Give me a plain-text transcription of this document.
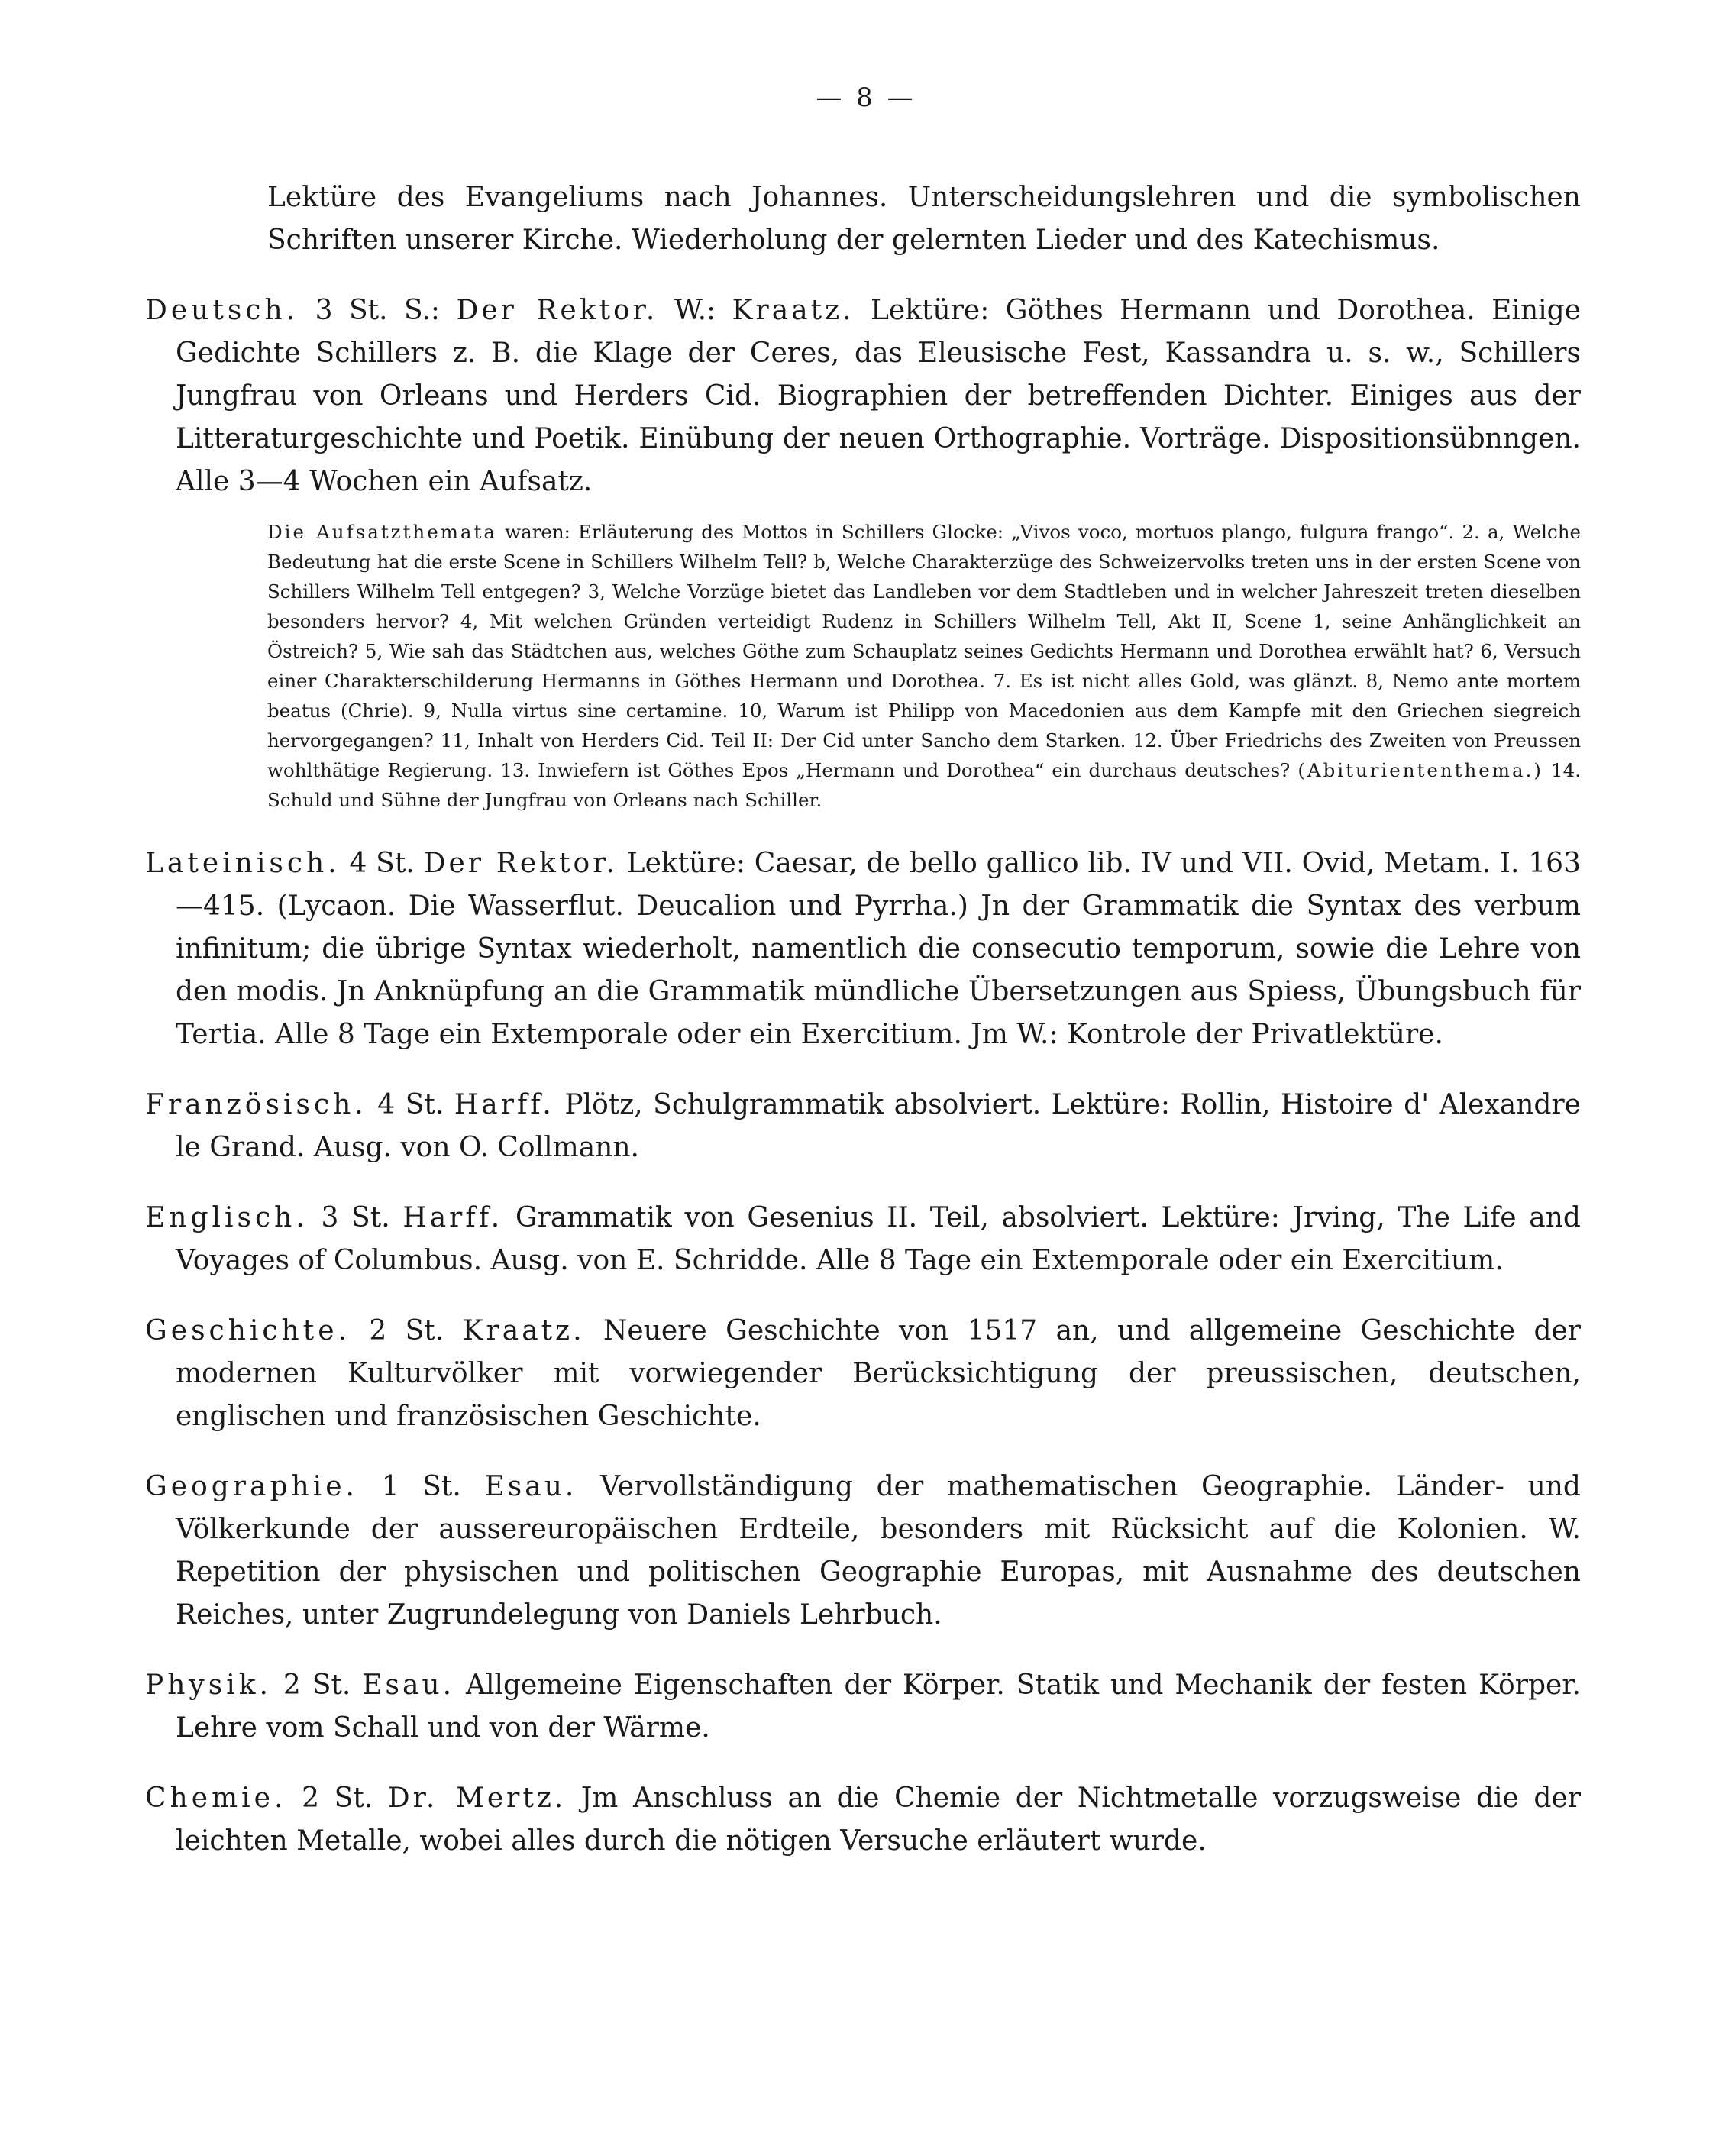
— 8 —

Lektüre des Evangeliums nach Johannes. Unterscheidungslehren und die symbolischen Schriften unserer Kirche. Wiederholung der gelernten Lieder und des Katechismus.

Deutsch. 3 St. S.: Der Rektor. W.: Kraatz. Lektüre: Göthes Hermann und Dorothea. Einige Gedichte Schillers z. B. die Klage der Ceres, das Eleusische Fest, Kassandra u. s. w., Schillers Jungfrau von Orleans und Herders Cid. Biographien der betreffenden Dichter. Einiges aus der Litteraturgeschichte und Poetik. Einübung der neuen Orthographie. Vorträge. Dispositionsübnngen. Alle 3—4 Wochen ein Aufsatz.

Die Aufsatzthemata waren: Erläuterung des Mottos in Schillers Glocke: „Vivos voco, mortuos plango, fulgura frango“. 2. a, Welche Bedeutung hat die erste Scene in Schillers Wilhelm Tell? b, Welche Charakterzüge des Schweizervolks treten uns in der ersten Scene von Schillers Wilhelm Tell entgegen? 3, Welche Vorzüge bietet das Landleben vor dem Stadtleben und in welcher Jahreszeit treten dieselben besonders hervor? 4, Mit welchen Gründen verteidigt Rudenz in Schillers Wilhelm Tell, Akt II, Scene 1, seine Anhänglichkeit an Östreich? 5, Wie sah das Städtchen aus, welches Göthe zum Schauplatz seines Gedichts Hermann und Dorothea erwählt hat? 6, Versuch einer Charakterschilderung Hermanns in Göthes Hermann und Dorothea. 7. Es ist nicht alles Gold, was glänzt. 8, Nemo ante mortem beatus (Chrie). 9, Nulla virtus sine certamine. 10, Warum ist Philipp von Macedonien aus dem Kampfe mit den Griechen siegreich hervorgegangen? 11, Inhalt von Herders Cid. Teil II: Der Cid unter Sancho dem Starken. 12. Über Friedrichs des Zweiten von Preussen wohlthätige Regierung. 13. Inwiefern ist Göthes Epos „Hermann und Dorothea“ ein durchaus deutsches? (Abituriententhema.) 14. Schuld und Sühne der Jungfrau von Orleans nach Schiller.

Lateinisch. 4 St. Der Rektor. Lektüre: Caesar, de bello gallico lib. IV und VII. Ovid, Metam. I. 163—415. (Lycaon. Die Wasserflut. Deucalion und Pyrrha.) Jn der Grammatik die Syntax des verbum infinitum; die übrige Syntax wiederholt, namentlich die consecutio temporum, sowie die Lehre von den modis. Jn Anknüpfung an die Grammatik mündliche Übersetzungen aus Spiess, Übungsbuch für Tertia. Alle 8 Tage ein Extemporale oder ein Exercitium. Jm W.: Kontrole der Privatlektüre.

Französisch. 4 St. Harff. Plötz, Schulgrammatik absolviert. Lektüre: Rollin, Histoire d' Alexandre le Grand. Ausg. von O. Collmann.

Englisch. 3 St. Harff. Grammatik von Gesenius II. Teil, absolviert. Lektüre: Jrving, The Life and Voyages of Columbus. Ausg. von E. Schridde. Alle 8 Tage ein Extemporale oder ein Exercitium.

Geschichte. 2 St. Kraatz. Neuere Geschichte von 1517 an, und allgemeine Geschichte der modernen Kulturvölker mit vorwiegender Berücksichtigung der preussischen, deutschen, englischen und französischen Geschichte.

Geographie. 1 St. Esau. Vervollständigung der mathematischen Geographie. Länder- und Völkerkunde der aussereuropäischen Erdteile, besonders mit Rücksicht auf die Kolonien. W. Repetition der physischen und politischen Geographie Europas, mit Ausnahme des deutschen Reiches, unter Zugrundelegung von Daniels Lehrbuch.

Physik. 2 St. Esau. Allgemeine Eigenschaften der Körper. Statik und Mechanik der festen Körper. Lehre vom Schall und von der Wärme.

Chemie. 2 St. Dr. Mertz. Jm Anschluss an die Chemie der Nichtmetalle vorzugsweise die der leichten Metalle, wobei alles durch die nötigen Versuche erläutert wurde.
